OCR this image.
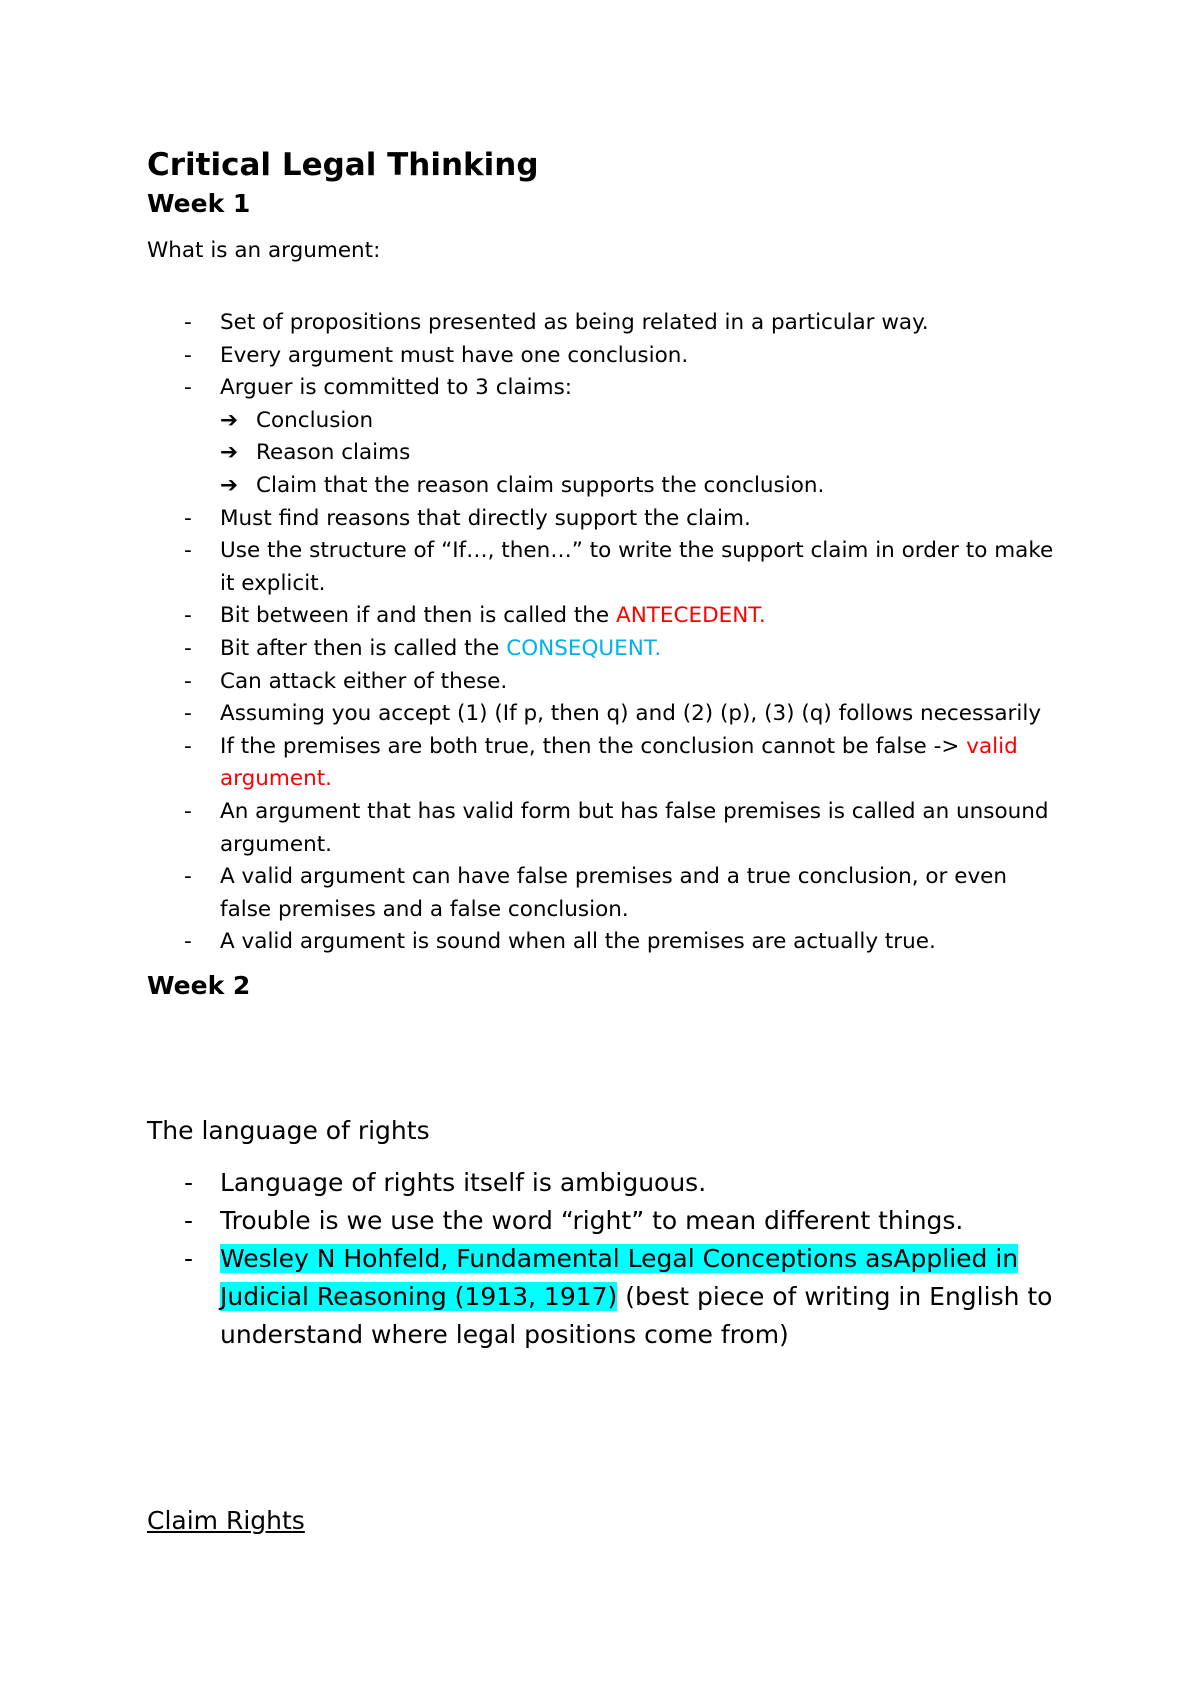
Critical Legal Thinking
Week 1

What is an argument:

- Set of propositions presented as being related in a particular way.
- Every argument must have one conclusion.
- Arguer is committed to 3 claims:
➔ Conclusion
➔ Reason claims
➔ Claim that the reason claim supports the conclusion.
- Must find reasons that directly support the claim.
- Use the structure of “If…, then…” to write the support claim in order to make it explicit.
- Bit between if and then is called the ANTECEDENT.
- Bit after then is called the CONSEQUENT.
- Can attack either of these.
- Assuming you accept (1) (If p, then q) and (2) (p), (3) (q) follows necessarily
- If the premises are both true, then the conclusion cannot be false -> valid argument.
- An argument that has valid form but has false premises is called an unsound argument.
- A valid argument can have false premises and a true conclusion, or even false premises and a false conclusion.
- A valid argument is sound when all the premises are actually true.
Week 2

The language of rights

- Language of rights itself is ambiguous.
- Trouble is we use the word “right” to mean different things.
- Wesley N Hohfeld, Fundamental Legal Conceptions asApplied in Judicial Reasoning (1913, 1917) (best piece of writing in English to understand where legal positions come from)

Claim Rights
